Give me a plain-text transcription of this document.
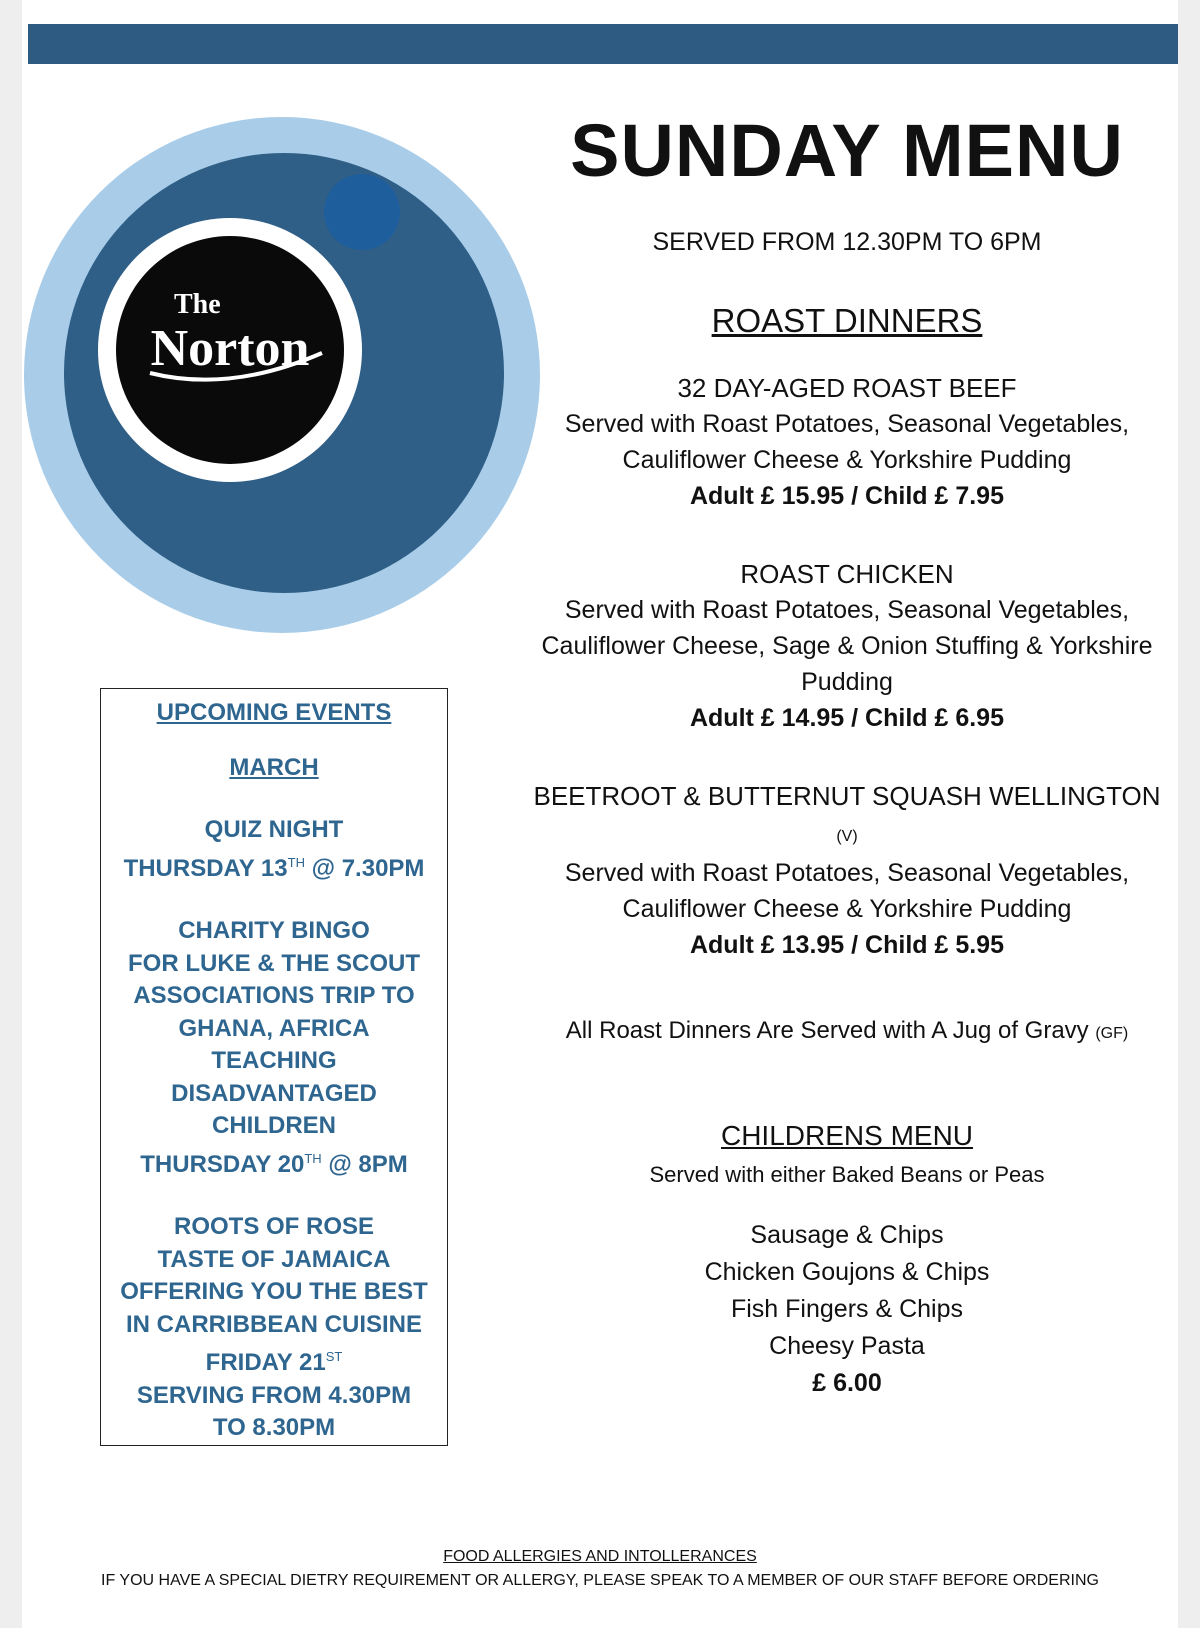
The
Norton
SUNDAY MENU
SERVED FROM 12.30PM TO 6PM
ROAST DINNERS
32 DAY-AGED ROAST BEEF
Served with Roast Potatoes, Seasonal Vegetables,
Cauliflower Cheese & Yorkshire Pudding
Adult £ 15.95 / Child £ 7.95
ROAST CHICKEN
Served with Roast Potatoes, Seasonal Vegetables,
Cauliflower Cheese, Sage & Onion Stuffing & Yorkshire
Pudding
Adult £ 14.95 / Child £ 6.95
BEETROOT & BUTTERNUT SQUASH WELLINGTON (V)
Served with Roast Potatoes, Seasonal Vegetables,
Cauliflower Cheese & Yorkshire Pudding
Adult £ 13.95 / Child £ 5.95
All Roast Dinners Are Served with A Jug of Gravy (GF)
CHILDRENS MENU
Served with either Baked Beans or Peas
Sausage & Chips
Chicken Goujons & Chips
Fish Fingers & Chips
Cheesy Pasta
£ 6.00
UPCOMING EVENTS
MARCH
QUIZ NIGHT
THURSDAY 13TH @ 7.30PM
CHARITY BINGO
FOR LUKE & THE SCOUT
ASSOCIATIONS TRIP TO
GHANA, AFRICA
TEACHING
DISADVANTAGED
CHILDREN
THURSDAY 20TH @ 8PM
ROOTS OF ROSE
TASTE OF JAMAICA
OFFERING YOU THE BEST
IN CARRIBBEAN CUISINE
FRIDAY 21ST
SERVING FROM 4.30PM
TO 8.30PM
FOOD ALLERGIES AND INTOLLERANCES
IF YOU HAVE A SPECIAL DIETRY REQUIREMENT OR ALLERGY, PLEASE SPEAK TO A MEMBER OF OUR STAFF BEFORE ORDERING
